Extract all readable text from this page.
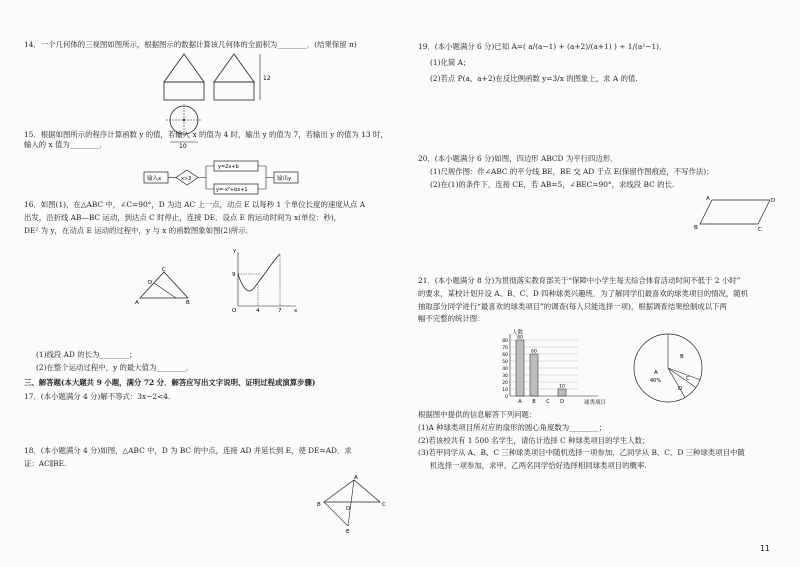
14．一个几何体的三视图如图所示，根据图示的数据计算该几何体的全面积为________．(结果保留 π)

12
10

15．根据如图所示的程序计算函数 y 的值，若输入 x 的值为 4 时，输出 y 的值为 7，若输出 y 的值为 13 时，输入的 x 值为________．

输入x	x>3
y=2x+b
y=-x²+bx+1
输出y

16．如图(1)，在△ABC 中，∠C=90°，D 为边 AC 上一点，动点 E 以每秒 1 个单位长度的速度从点 A

出发，沿折线 AB—BC 运动，到达点 C 时停止，连接 DE．设点 E 的运动时间为 x(单位：秒)，

DE² 为 y，在动点 E 运动的过程中，y 与 x 的函数图象如图(2)所示．

C
D
A	B
y
x
O
9
4	7

(1)线段 AD 的长为________；

(2)在整个运动过程中，y 的最大值为________．

三、解答题(本大题共 9 小题，满分 72 分．解答应写出文字说明、证明过程或演算步骤)

17．(本小题满分 4 分)解不等式：3x−2<4.

18．(本小题满分 4 分)如图，△ABC 中，D 为 BC 的中点，连接 AD 并延长到 E，使 DE=AD．求

证：AC∥BE.

A
B
D
C
E

19．(本小题满分 6 分)已知 A=( a/(a−1) + (a+2)/(a+1) ) ÷ 1/(a²−1)．

(1)化简 A；

(2)若点 P(a，a+2)在反比例函数 y=3/x 的图象上，求 A 的值.

20．(本小题满分 6 分)如图，四边形 ABCD 为平行四边形．

(1)尺规作图：作∠ABC 的平分线 BE，BE 交 AD 于点 E(保留作图痕迹，不写作法)；

(2)在(1)的条件下，连接 CE，若 AB=5，∠BEC=90°，求线段 BC 的长.

A	D
B	C

21．(本小题满分 8 分)为贯彻落实教育部关于“保障中小学生每天综合体育活动时间不低于 2 小时”

的要求，某校计划开设 A、B、C、D 四种球类兴趣班．为了解同学们最喜欢的球类项目的情况，随机

抽取部分同学进行“最喜欢的球类项目”的调查(每人只能选择一项)，根据调查结果绘制成以下两

幅不完整的统计图：

人数
球类项目
0
10
20
30
40
50
60
70
80
80
A
60
B C
10
D
A
40%
B
C
D

根据图中提供的信息解答下列问题：

(1)A 种球类项目所对应的扇形的圆心角度数为________；

(2)若该校共有 1 500 名学生，请估计选择 C 种球类项目的学生人数；

(3)若甲同学从 A、B、C 三种球类项目中随机选择一项参加，乙同学从 B、C、D 三种球类项目中随

机选择一项参加，求甲、乙两名同学恰好选择相同球类项目的概率.

11
